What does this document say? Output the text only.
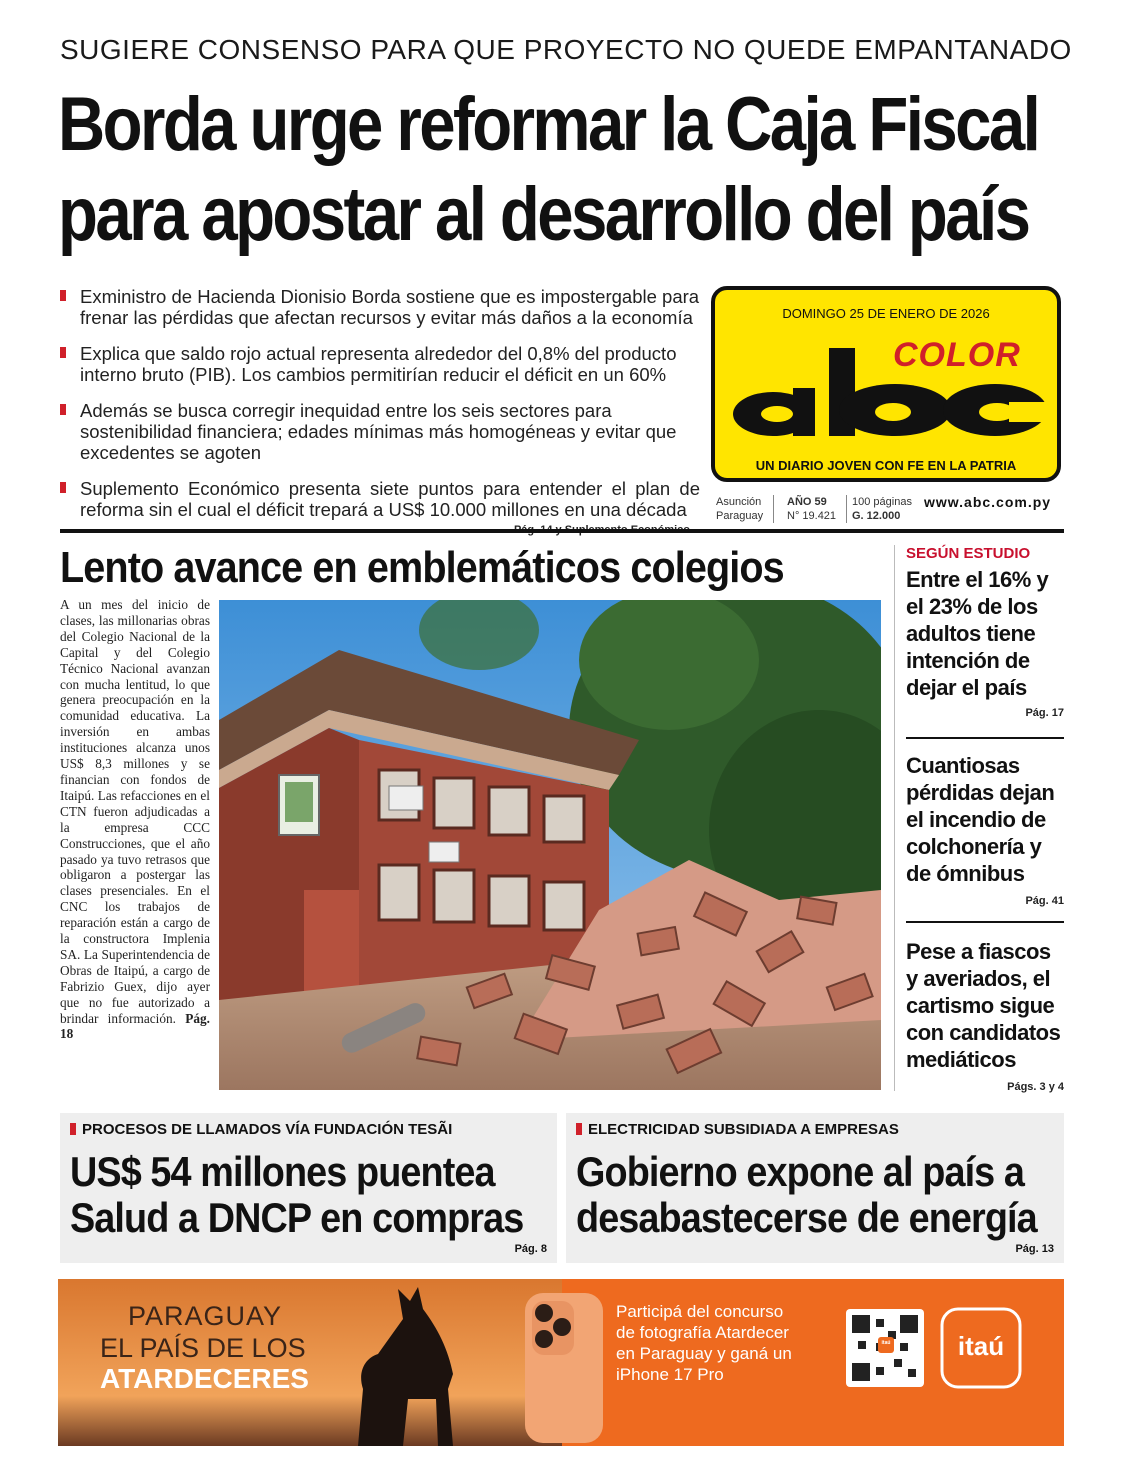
SUGIERE CONSENSO PARA QUE PROYECTO NO QUEDE EMPANTANADO
Borda urge reformar la Caja Fiscal
para apostar al desarrollo del país
Exministro de Hacienda Dionisio Borda sostiene que es impostergable para frenar las pérdidas que afectan recursos y evitar más daños a la economía
Explica que saldo rojo actual representa alrededor del 0,8% del producto interno bruto (PIB). Los cambios permitirían reducir el déficit en un 60%
Además se busca corregir inequidad entre los seis sectores para sostenibilidad financiera; edades mínimas más homogéneas y evitar que excedentes se agoten
Suplemento Económico presenta siete puntos para entender el plan de reforma sin el cual el déficit trepará a US$ 10.000 millones en una década
DOMINGO 25 DE ENERO DE 2026
COLOR
UN DIARIO JOVEN CON FE EN LA PATRIA
Asunción
Paraguay
AÑO 59
N° 19.421
100 páginas
G. 12.000
www.abc.com.py
Lento avance en emblemáticos colegios
A un mes del inicio de clases, las millonarias obras del Colegio Nacional de la Capital y del Colegio Técnico Nacional avanzan con mucha lentitud, lo que genera preocupación en la comunidad educativa. La inversión en ambas instituciones alcanza unos US$ 8,3 millones y se financian con fondos de Itaipú. Las refacciones en el CTN fueron adjudicadas a la empresa CCC Construcciones, que el año pasado ya tuvo retrasos que obligaron a postergar las clases presenciales. En el CNC los trabajos de reparación están a cargo de la constructora Implenia SA. La Superintendencia de Obras de Itaipú, a cargo de Fabrizio Guex, dijo ayer que no fue autorizado a brindar información. Pág. 18
SEGÚN ESTUDIO
Entre el 16% y el 23% de los adultos tiene intención de dejar el país
Pág. 17
Cuantiosas pérdidas dejan el incendio de colchonería y de ómnibus
Pág. 41
Pese a fiascos y averiados, el cartismo sigue con candidatos mediáticos
Págs. 3 y 4
PROCESOS DE LLAMADOS VÍA FUNDACIÓN TESÃI
US$ 54 millones puentea
Salud a DNCP en compras
Pág. 8
ELECTRICIDAD SUBSIDIADA A EMPRESAS
Gobierno expone al país a
desabastecerse de energía
Pág. 13
PARAGUAY
EL PAÍS DE LOS
ATARDECERES
Participá del concurso
de fotografía Atardecer
en Paraguay y ganá un
iPhone 17 Pro
itaú	itaú
